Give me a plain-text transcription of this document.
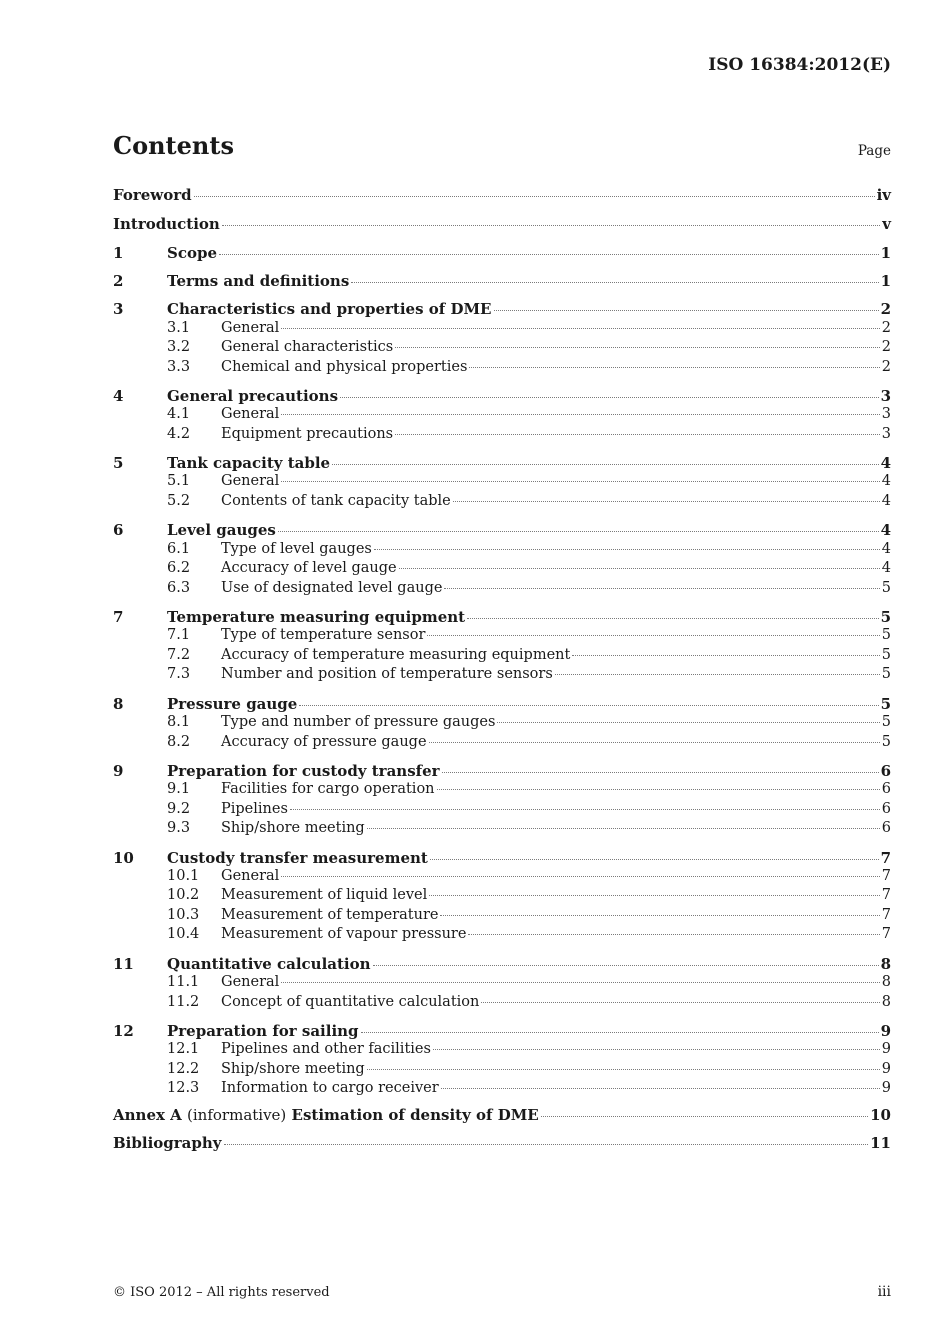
ISO 16384:2012(E)
Contents	Page
Foreword	iv
Introduction	v
1	Scope	1
2	Terms and definitions	1
3	Characteristics and properties of DME	2
3.1	General	2
3.2	General characteristics	2
3.3	Chemical and physical properties	2
4	General precautions	3
4.1	General	3
4.2	Equipment precautions	3
5	Tank capacity table	4
5.1	General	4
5.2	Contents of tank capacity table	4
6	Level gauges	4
6.1	Type of level gauges	4
6.2	Accuracy of level gauge	4
6.3	Use of designated level gauge	5
7	Temperature measuring equipment	5
7.1	Type of temperature sensor	5
7.2	Accuracy of temperature measuring equipment	5
7.3	Number and position of temperature sensors	5
8	Pressure gauge	5
8.1	Type and number of pressure gauges	5
8.2	Accuracy of pressure gauge	5
9	Preparation for custody transfer	6
9.1	Facilities for cargo operation	6
9.2	Pipelines	6
9.3	Ship/shore meeting	6
10	Custody transfer measurement	7
10.1	General	7
10.2	Measurement of liquid level	7
10.3	Measurement of temperature	7
10.4	Measurement of vapour pressure	7
11	Quantitative calculation	8
11.1	General	8
11.2	Concept of quantitative calculation	8
12	Preparation for sailing	9
12.1	Pipelines and other facilities	9
12.2	Ship/shore meeting	9
12.3	Information to cargo receiver	9
Annex A (informative) Estimation of density of DME	10
Bibliography	11
© ISO 2012 – All rights reserved	iii
